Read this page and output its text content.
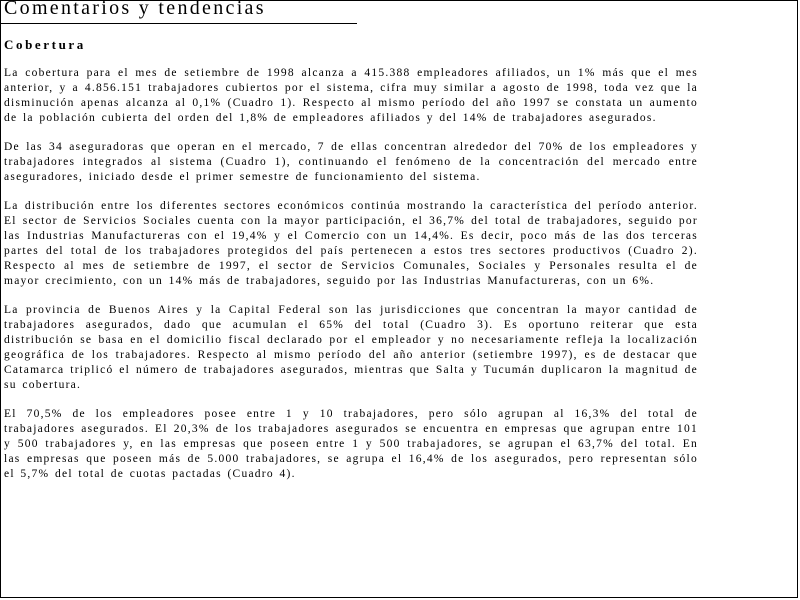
Comentarios y tendencias
Cobertura

La cobertura para el mes de setiembre de 1998 alcanza a 415.388 empleadores afiliados, un 1% más que el mes anterior, y a 4.856.151 trabajadores cubiertos por el sistema, cifra muy similar a agosto de 1998, toda vez que la disminución apenas alcanza al 0,1% (Cuadro 1). Respecto al mismo período del año 1997 se constata un aumento de la población cubierta del orden del 1,8% de empleadores afiliados y del 14% de trabajadores asegurados.

De las 34 aseguradoras que operan en el mercado, 7 de ellas concentran alrededor del 70% de los empleadores y trabajadores integrados al sistema (Cuadro 1), continuando el fenómeno de la concentración del mercado entre aseguradores, iniciado desde el primer semestre de funcionamiento del sistema.

La distribución entre los diferentes sectores económicos continúa mostrando la característica del período anterior. El sector de Servicios Sociales cuenta con la mayor participación, el 36,7% del total de trabajadores, seguido por las Industrias Manufactureras con el 19,4% y el Comercio con un 14,4%. Es decir, poco más de las dos terceras partes del total de los trabajadores protegidos del país pertenecen a estos tres sectores productivos (Cuadro 2). Respecto al mes de setiembre de 1997, el sector de Servicios Comunales, Sociales y Personales resulta el de mayor crecimiento, con un 14% más de trabajadores, seguido por las Industrias Manufactureras, con un 6%.

La provincia de Buenos Aires y la Capital Federal son las jurisdicciones que concentran la mayor cantidad de trabajadores asegurados, dado que acumulan el 65% del total (Cuadro 3). Es oportuno reiterar que esta distribución se basa en el domicilio fiscal declarado por el empleador y no necesariamente refleja la localización geográfica de los trabajadores. Respecto al mismo período del año anterior (setiembre 1997), es de destacar que Catamarca triplicó el número de trabajadores asegurados, mientras que Salta y Tucumán duplicaron la magnitud de su cobertura.

El 70,5% de los empleadores posee entre 1 y 10 trabajadores, pero sólo agrupan al 16,3% del total de trabajadores asegurados. El 20,3% de los trabajadores asegurados se encuentra en empresas que agrupan entre 101 y 500 trabajadores y, en las empresas que poseen entre 1 y 500 trabajadores, se agrupan el 63,7% del total. En las empresas que poseen más de 5.000 trabajadores, se agrupa el 16,4% de los asegurados, pero representan sólo el 5,7% del total de cuotas pactadas (Cuadro 4).
